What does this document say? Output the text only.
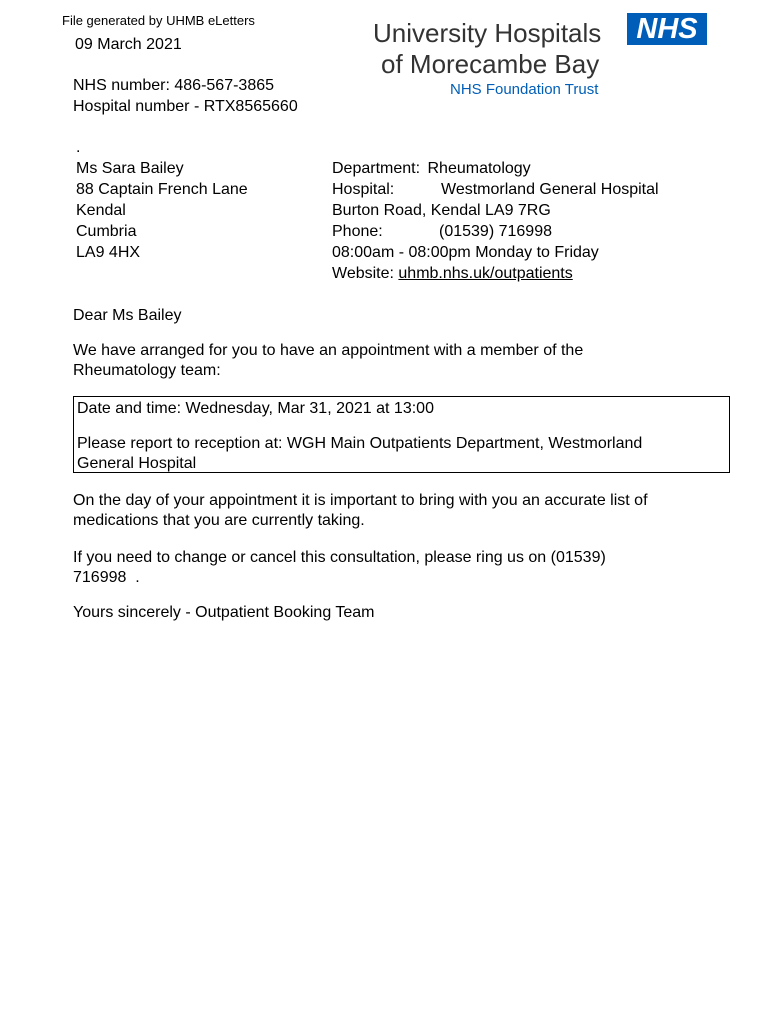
File generated by UHMB eLetters	University Hospitals
of Morecambe Bay
NHS Foundation Trust
NHS
09 March 2021
NHS number: 486-567-3865
Hospital number - RTX8565660
.
Ms Sara Bailey
88 Captain French Lane
Kendal
Cumbria
LA9 4HX
Department: Rheumatology
Hospital:	Westmorland General Hospital
Burton Road, Kendal LA9 7RG
Phone:	(01539) 716998
08:00am - 08:00pm Monday to Friday
Website: uhmb.nhs.uk/outpatients
Dear Ms Bailey
We have arranged for you to have an appointment with a member of the
Rheumatology team:
Date and time: Wednesday, Mar 31, 2021 at 13:00
Please report to reception at: WGH Main Outpatients Department, Westmorland
General Hospital
On the day of your appointment it is important to bring with you an accurate list of
medications that you are currently taking.
If you need to change or cancel this consultation, please ring us on (01539)
716998  .
Yours sincerely - Outpatient Booking Team
